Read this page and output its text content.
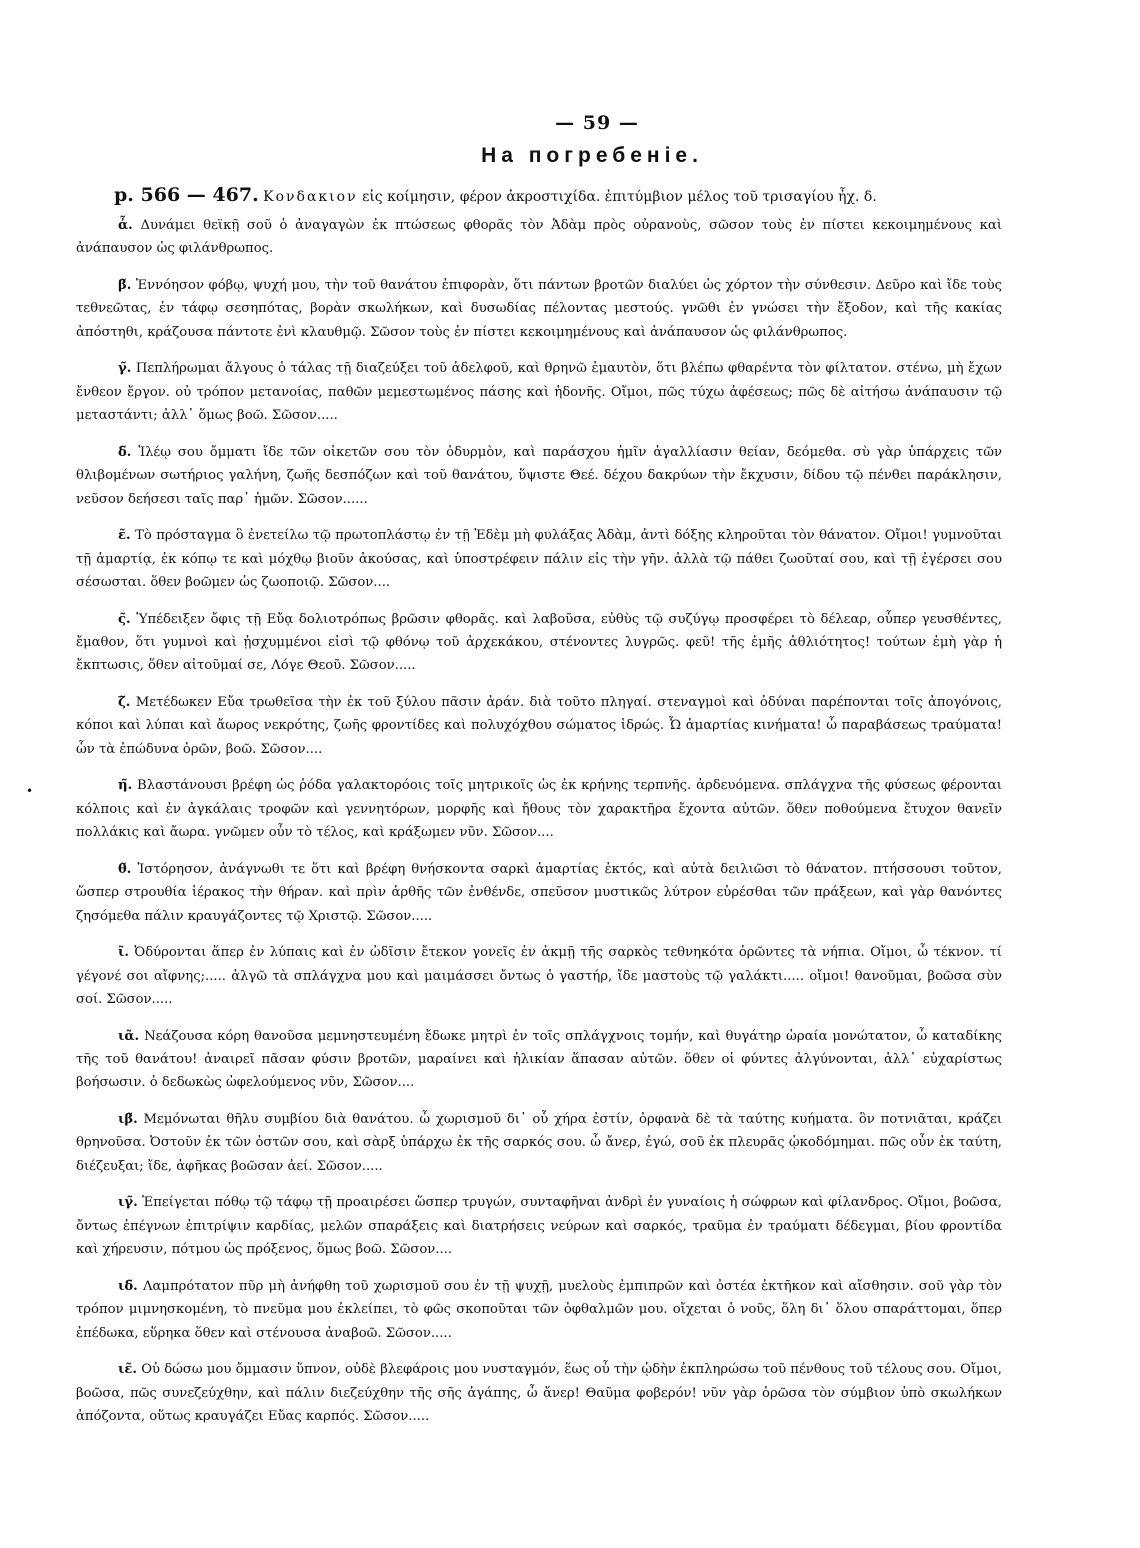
— 59 —
На погребеніе.
р. 566 — 467. Κονδακιον εἰς κοίμησιν, φέρον ἀκροστιχίδα. ἐπιτύμβιον μέλος τοῦ τρισαγίου ἦχ. δ.

ἆ. Δυνάμει θεϊκῇ σοῦ ὁ ἀναγαγὼν ἐκ πτώσεως φθορᾶς τὸν Ἀδὰμ πρὸς οὐρανοὺς, σῶσον τοὺς ἐν πίστει κεκοιμημένους καὶ ἀνάπαυσον ὡς φιλάνθρωπος.

β̃. Ἐννόησον φόβῳ, ψυχή μου, τὴν τοῦ θανάτου ἐπιφορὰν, ὅτι πάντων βροτῶν διαλύει ὡς χόρτον τὴν σύνθεσιν. Δεῦρο καὶ ἴδε τοὺς τεθνεῶτας, ἐν τάφῳ σεσηπότας, βορὰν σκωλήκων, καὶ δυσωδίας πέλοντας μεστούς. γνῶθι ἐν γνώσει τὴν ἔξοδον, καὶ τῆς κακίας ἀπόστηθι, κράζουσα πάντοτε ἐνὶ κλαυθμῷ. Σῶσον τοὺς ἐν πίστει κεκοιμημένους καὶ ἀνάπαυσον ὡς φιλάνθρωπος.

γ̃. Πεπλήρωμαι ἄλγους ὁ τάλας τῇ διαζεύξει τοῦ ἀδελφοῦ, καὶ θρηνῶ ἐμαυτὸν, ὅτι βλέπω φθαρέντα τὸν φίλτατον. στένω, μὴ ἔχων ἔνθεον ἔργον. οὐ τρόπον μετανοίας, παθῶν μεμεστωμένος πάσης καὶ ἡδονῆς. Οἴμοι, πῶς τύχω ἀφέσεως; πῶς δὲ αἰτήσω ἀνάπαυσιν τῷ μεταστάντι; ἀλλ᾽ ὅμως βοῶ. Σῶσον.....

δ̃. Ἱλέῳ σου ὄμματι ἴδε τῶν οἰκετῶν σου τὸν ὀδυρμὸν, καὶ παράσχου ἡμῖν ἀγαλλίασιν θείαν, δεόμεθα. σὺ γὰρ ὑπάρχεις τῶν θλιβομένων σωτήριος γαλήνη, ζωῆς δεσπόζων καὶ τοῦ θανάτου, ὕψιστε Θεέ. δέχου δακρύων τὴν ἔκχυσιν, δίδου τῷ πένθει παράκλησιν, νεῦσον δεήσεσι ταῖς παρ᾽ ἡμῶν. Σῶσον......

ε̃. Τὸ πρόσταγμα ὃ ἐνετείλω τῷ πρωτοπλάστῳ ἐν τῇ Ἐδὲμ μὴ φυλάξας Ἀδὰμ, ἀντὶ δόξης κληροῦται τὸν θάνατον. Οἴμοι! γυμνοῦται τῇ ἁμαρτίᾳ, ἐκ κόπῳ τε καὶ μόχθῳ βιοῦν ἀκούσας, καὶ ὑποστρέφειν πάλιν εἰς τὴν γῆν. ἀλλὰ τῷ πάθει ζωοῦταί σου, καὶ τῇ ἐγέρσει σου σέσωσται. ὅθεν βοῶμεν ὡς ζωοποιῷ. Σῶσον....

ς̃. Ὑπέδειξεν ὄφις τῇ Εὔᾳ δολιοτρόπως βρῶσιν φθορᾶς. καὶ λαβοῦσα, εὐθὺς τῷ συζύγῳ προσφέρει τὸ δέλεαρ, οὗπερ γευσθέντες, ἔμαθον, ὅτι γυμνοὶ καὶ ᾐσχυμμένοι εἰσὶ τῷ φθόνῳ τοῦ ἀρχεκάκου, στένοντες λυγρῶς. φεῦ! τῆς ἐμῆς ἀθλιότητος! τούτων ἐμὴ γὰρ ἡ ἔκπτωσις, ὅθεν αἰτοῦμαί σε, Λόγε Θεοῦ. Σῶσον.....

ζ̃. Μετέδωκεν Εὔα τρωθεῖσα τὴν ἐκ τοῦ ξύλου πᾶσιν ἀράν. διὰ τοῦτο πληγαί. στεναγμοὶ καὶ ὀδύναι παρέπονται τοῖς ἀπογόνοις, κόποι καὶ λύπαι καὶ ἄωρος νεκρότης, ζωῆς φροντίδες καὶ πολυχόχθου σώματος ἱδρώς. Ὦ ἁμαρτίας κινήματα! ὦ παραβάσεως τραύματα! ὧν τὰ ἐπώδυνα ὁρῶν, βοῶ. Σῶσον....

η̃. Βλαστάνουσι βρέφη ὡς ῥόδα γαλακτορόοις τοῖς μητρικοῖς ὡς ἐκ κρήνης τερπνῆς. ἀρδευόμενα. σπλάγχνα τῆς φύσεως φέρονται κόλποις καὶ ἐν ἀγκάλαις τροφῶν καὶ γεννητόρων, μορφῆς καὶ ἤθους τὸν χαρακτῆρα ἔχοντα αὐτῶν. ὅθεν ποθούμενα ἔτυχον θανεῖν πολλάκις καὶ ἄωρα. γνῶμεν οὖν τὸ τέλος, καὶ κράξωμεν νῦν. Σῶσον....

θ̃. Ἱστόρησον, ἀνάγνωθι τε ὅτι καὶ βρέφη θνήσκοντα σαρκὶ ἁμαρτίας ἐκτός, καὶ αὐτὰ δειλιῶσι τὸ θάνατον. πτήσσουσι τοῦτον, ὥσπερ στρουθία ἱέρακος τὴν θήραν. καὶ πρὶν ἀρθῆς τῶν ἐνθένδε, σπεῦσον μυστικῶς λύτρον εὑρέσθαι τῶν πράξεων, καὶ γὰρ θανόντες ζησόμεθα πάλιν κραυγάζοντες τῷ Χριστῷ. Σῶσον.....

ι̃. Ὀδύρονται ἅπερ ἐν λύπαις καὶ ἐν ὠδῖσιν ἔτεκον γονεῖς ἐν ἀκμῇ τῆς σαρκὸς τεθνηκότα ὁρῶντες τὰ νήπια. Οἴμοι, ὦ τέκνον. τί γέγονέ σοι αἴφνης;..... ἀλγῶ τὰ σπλάγχνα μου καὶ μαιμάσσει ὄντως ὁ γαστήρ, ἴδε μαστοὺς τῷ γαλάκτι..... οἴμοι! θανοῦμαι, βοῶσα σὺν σοί. Σῶσον.....

ιᾶ. Νεάζουσα κόρη θανοῦσα μεμνηστευμένη ἔδωκε μητρὶ ἐν τοῖς σπλάγχνοις τομήν, καὶ θυγάτηρ ὡραία μονώτατον, ὦ καταδίκης τῆς τοῦ θανάτου! ἀναιρεῖ πᾶσαν φύσιν βροτῶν, μαραίνει καὶ ἡλικίαν ἅπασαν αὐτῶν. ὅθεν οἱ φύντες ἀλγύνονται, ἀλλ᾽ εὐχαρίστως βοήσωσιν. ὁ δεδωκὼς ὠφελούμενος νῦν, Σῶσον....

ιβ̃. Μεμόνωται θῆλυ συμβίου διὰ θανάτου. ὦ χωρισμοῦ δι᾽ οὗ χήρα ἐστίν, ὀρφανὰ δὲ τὰ ταύτης κυήματα. ὃν ποτνιᾶται, κράζει θρηνοῦσα. Ὀστοῦν ἐκ τῶν ὀστῶν σου, καὶ σὰρξ ὑπάρχω ἐκ τῆς σαρκός σου. ὦ ἄνερ, ἐγώ, σοῦ ἐκ πλευρᾶς ᾠκοδόμημαι. πῶς οὖν ἐκ ταύτη, διέζευξαι; ἴδε, ἀφῆκας βοῶσαν ἀεί. Σῶσον.....

ιγ̃. Ἐπείγεται πόθῳ τῷ τάφῳ τῇ προαιρέσει ὥσπερ τρυγών, συνταφῆναι ἀνδρὶ ἐν γυναίοις ἡ σώφρων καὶ φίλανδρος. Οἴμοι, βοῶσα, ὄντως ἐπέγνων ἐπιτρίψιν καρδίας, μελῶν σπαράξεις καὶ διατρήσεις νεύρων καὶ σαρκός, τραῦμα ἐν τραύματι δέδεγμαι, βίου φροντίδα καὶ χήρευσιν, πότμου ὡς πρόξενος, ὅμως βοῶ. Σῶσον....

ιδ̃. Λαμπρότατον πῦρ μὴ ἀνήφθη τοῦ χωρισμοῦ σου ἐν τῇ ψυχῇ, μυελοὺς ἐμπιπρῶν καὶ ὀστέα ἐκτῆκον καὶ αἴσθησιν. σοῦ γὰρ τὸν τρόπον μιμνησκομένη, τὸ πνεῦμα μου ἐκλείπει, τὸ φῶς σκοποῦται τῶν ὀφθαλμῶν μου. οἴχεται ὁ νοῦς, ὅλη δι᾽ ὅλου σπαράττομαι, ὅπερ ἐπέδωκα, εὕρηκα ὅθεν καὶ στένουσα ἀναβοῶ. Σῶσον.....

ιε̃. Οὐ δώσω μου ὄμμασιν ὕπνον, οὐδὲ βλεφάροις μου νυσταγμόν, ἕως οὗ τὴν ᾠδὴν ἐκπληρώσω τοῦ πένθους τοῦ τέλους σου. Οἴμοι, βοῶσα, πῶς συνεζεύχθην, καὶ πάλιν διεζεύχθην τῆς σῆς ἀγάπης, ὦ ἄνερ! Θαῦμα φοβερόν! νῦν γὰρ ὁρῶσα τὸν σύμβιον ὑπὸ σκωλήκων ἀπόζοντα, οὕτως κραυγάζει Εὔας καρπός. Σῶσον.....

•
